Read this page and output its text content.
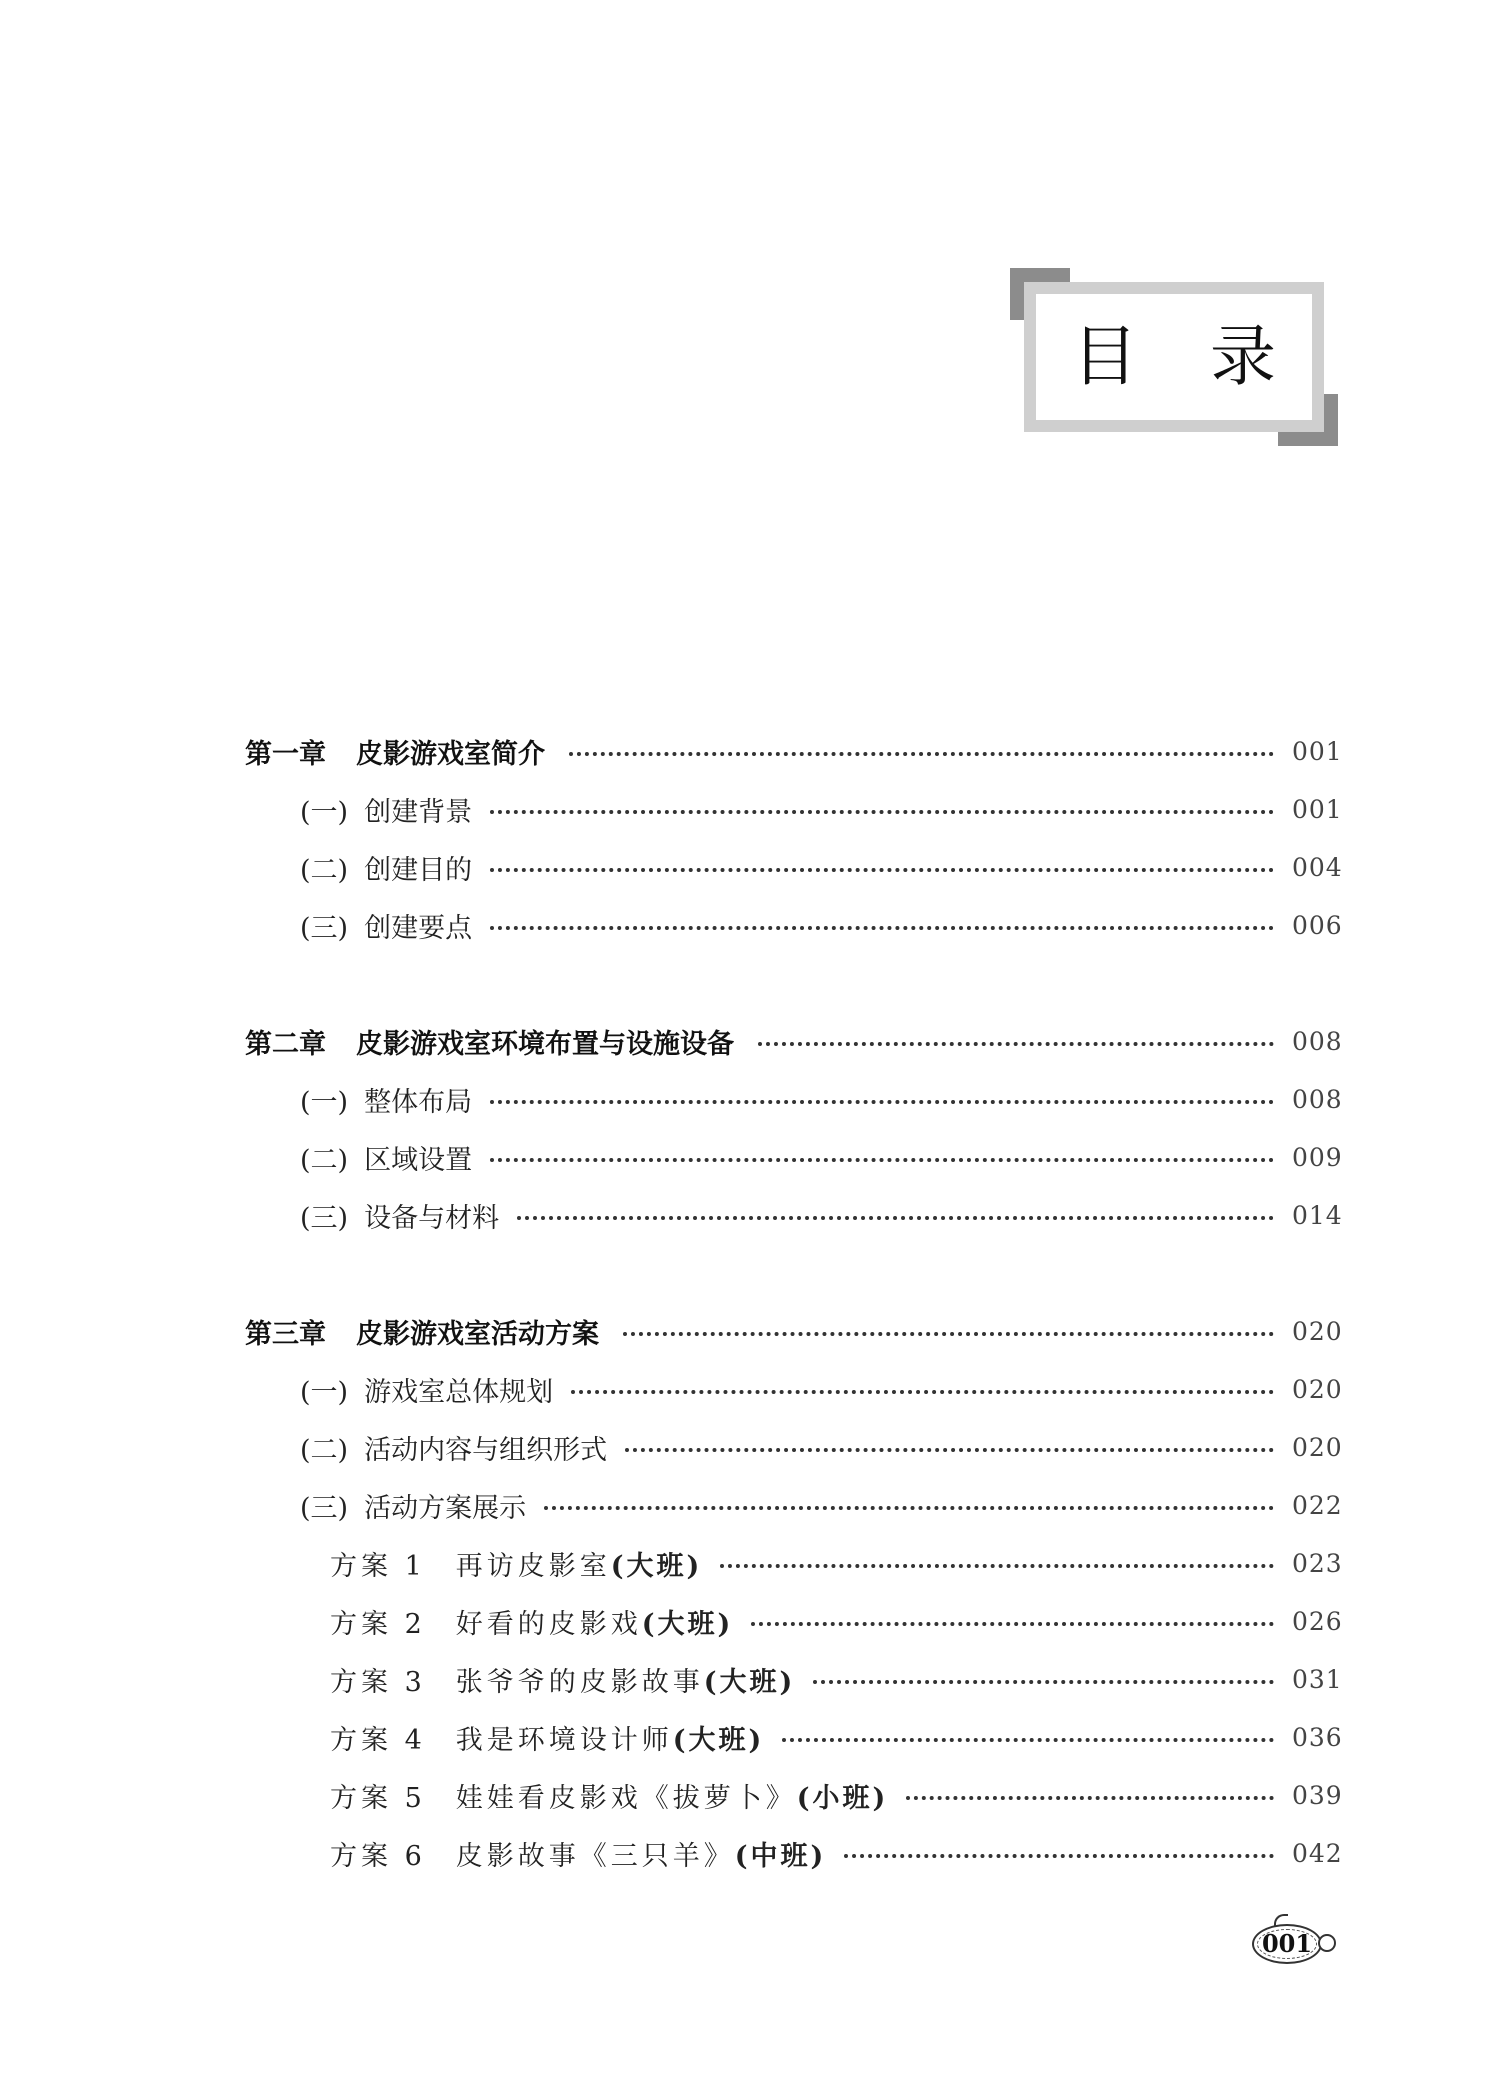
目录
第一章 皮影游戏室简介	001
(一) 创建背景	001
(二) 创建目的	004
(三) 创建要点	006
第二章 皮影游戏室环境布置与设施设备	008
(一) 整体布局	008
(二) 区域设置	009
(三) 设备与材料	014
第三章 皮影游戏室活动方案	020
(一) 游戏室总体规划	020
(二) 活动内容与组织形式	020
(三) 活动方案展示	022
方案 1 再访皮影室 (大班)	023
方案 2 好看的皮影戏 (大班)	026
方案 3 张爷爷的皮影故事 (大班)	031
方案 4 我是环境设计师 (大班)	036
方案 5 娃娃看皮影戏《拔萝卜》 (小班)	039
方案 6 皮影故事《三只羊》 (中班)	042
001
